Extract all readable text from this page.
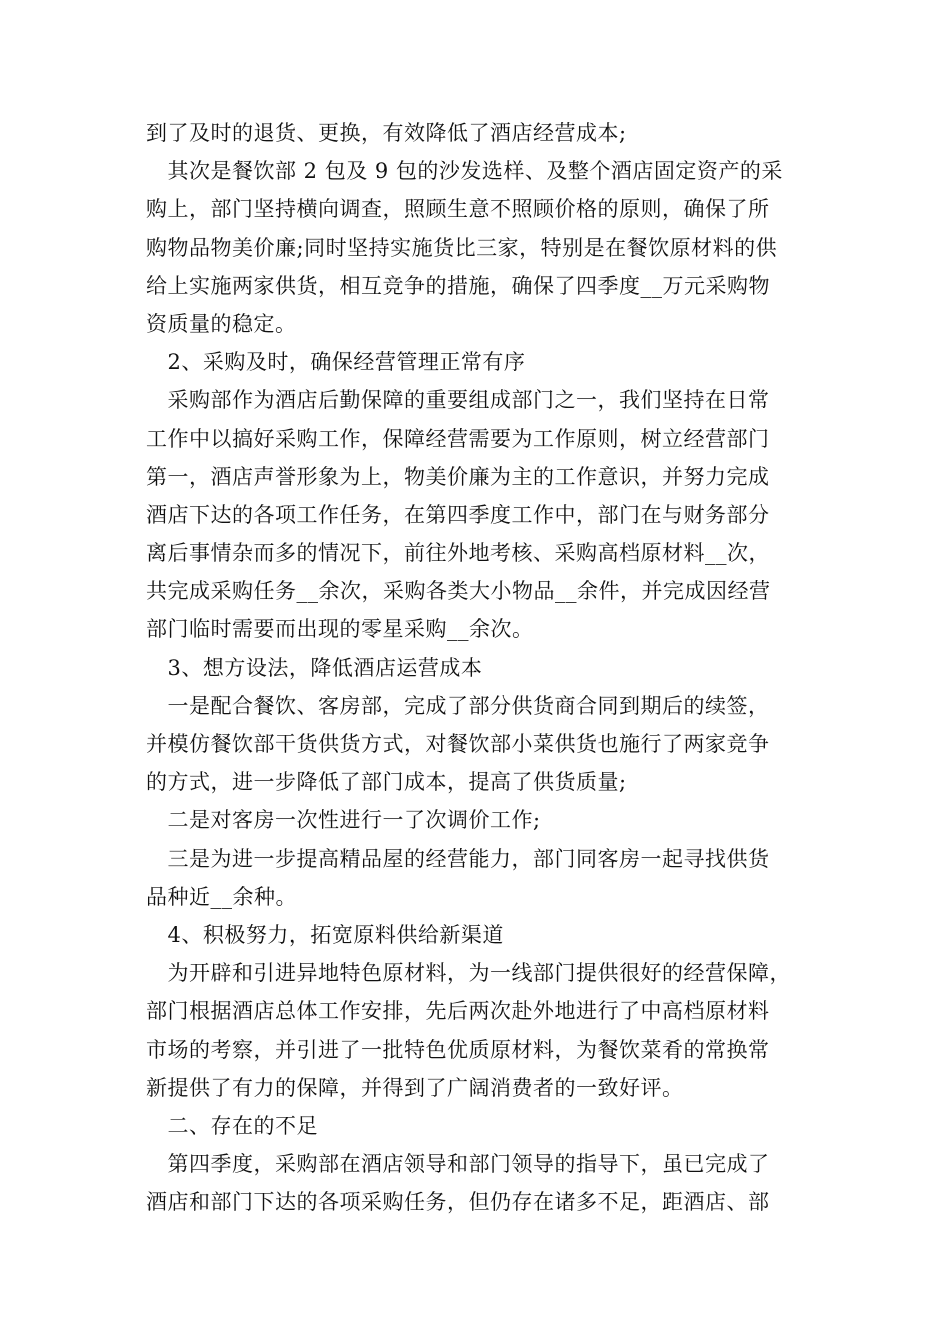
到了及时的退货、更换，有效降低了酒店经营成本;
　其次是餐饮部 2 包及 9 包的沙发选样、及整个酒店固定资产的采
购上，部门坚持横向调查，照顾生意不照顾价格的原则，确保了所
购物品物美价廉;同时坚持实施货比三家，特别是在餐饮原材料的供
给上实施两家供货，相互竞争的措施，确保了四季度__万元采购物
资质量的稳定。
　2、采购及时，确保经营管理正常有序
　采购部作为酒店后勤保障的重要组成部门之一，我们坚持在日常
工作中以搞好采购工作，保障经营需要为工作原则，树立经营部门
第一，酒店声誉形象为上，物美价廉为主的工作意识，并努力完成
酒店下达的各项工作任务，在第四季度工作中，部门在与财务部分
离后事情杂而多的情况下，前往外地考核、采购高档原材料__次，
共完成采购任务__余次，采购各类大小物品__余件，并完成因经营
部门临时需要而出现的零星采购__余次。
　3、想方设法，降低酒店运营成本
　一是配合餐饮、客房部，完成了部分供货商合同到期后的续签，
并模仿餐饮部干货供货方式，对餐饮部小菜供货也施行了两家竞争
的方式，进一步降低了部门成本，提高了供货质量;
　二是对客房一次性进行一了次调价工作;
　三是为进一步提高精品屋的经营能力，部门同客房一起寻找供货
品种近__余种。
　4、积极努力，拓宽原料供给新渠道
　为开辟和引进异地特色原材料，为一线部门提供很好的经营保障，
部门根据酒店总体工作安排，先后两次赴外地进行了中高档原材料
市场的考察，并引进了一批特色优质原材料，为餐饮菜肴的常换常
新提供了有力的保障，并得到了广阔消费者的一致好评。
　二、存在的不足
　第四季度，采购部在酒店领导和部门领导的指导下，虽已完成了
酒店和部门下达的各项采购任务，但仍存在诸多不足，距酒店、部
